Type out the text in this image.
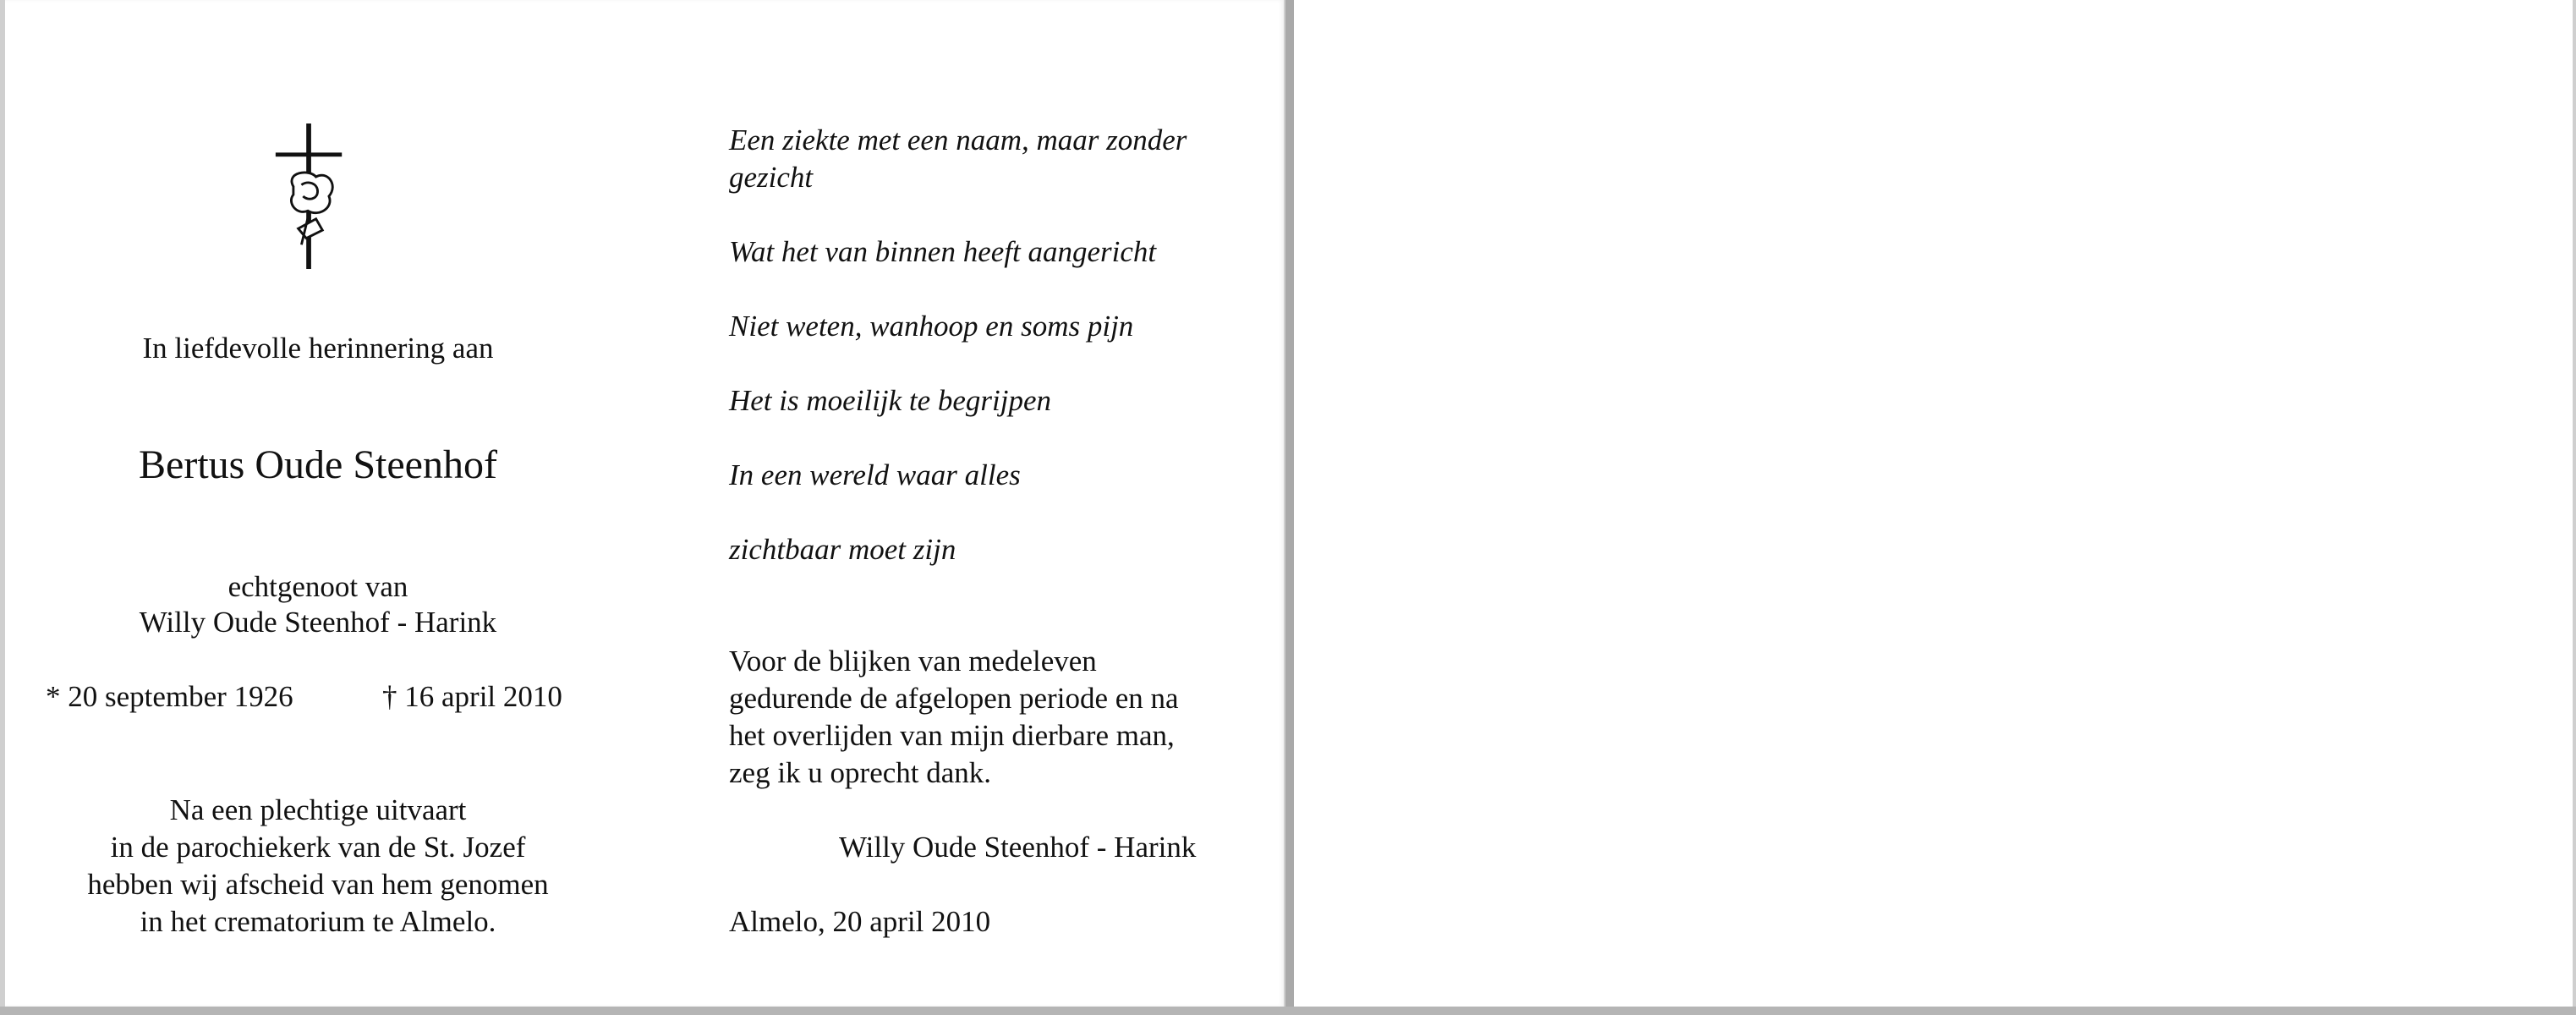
In liefdevolle herinnering aan
Bertus Oude Steenhof
echtgenoot van
Willy Oude Steenhof - Harink
* 20 september 1926	† 16 april 2010
Na een plechtige uitvaart
in de parochiekerk van de St. Jozef
hebben wij afscheid van hem genomen
in het crematorium te Almelo.
Een ziekte met een naam, maar zonder
gezicht
Wat het van binnen heeft aangericht
Niet weten, wanhoop en soms pijn
Het is moeilijk te begrijpen
In een wereld waar alles
zichtbaar moet zijn
Voor de blijken van medeleven
gedurende de afgelopen periode en na
het overlijden van mijn dierbare man,
zeg ik u oprecht dank.
Willy Oude Steenhof - Harink
Almelo, 20 april 2010
